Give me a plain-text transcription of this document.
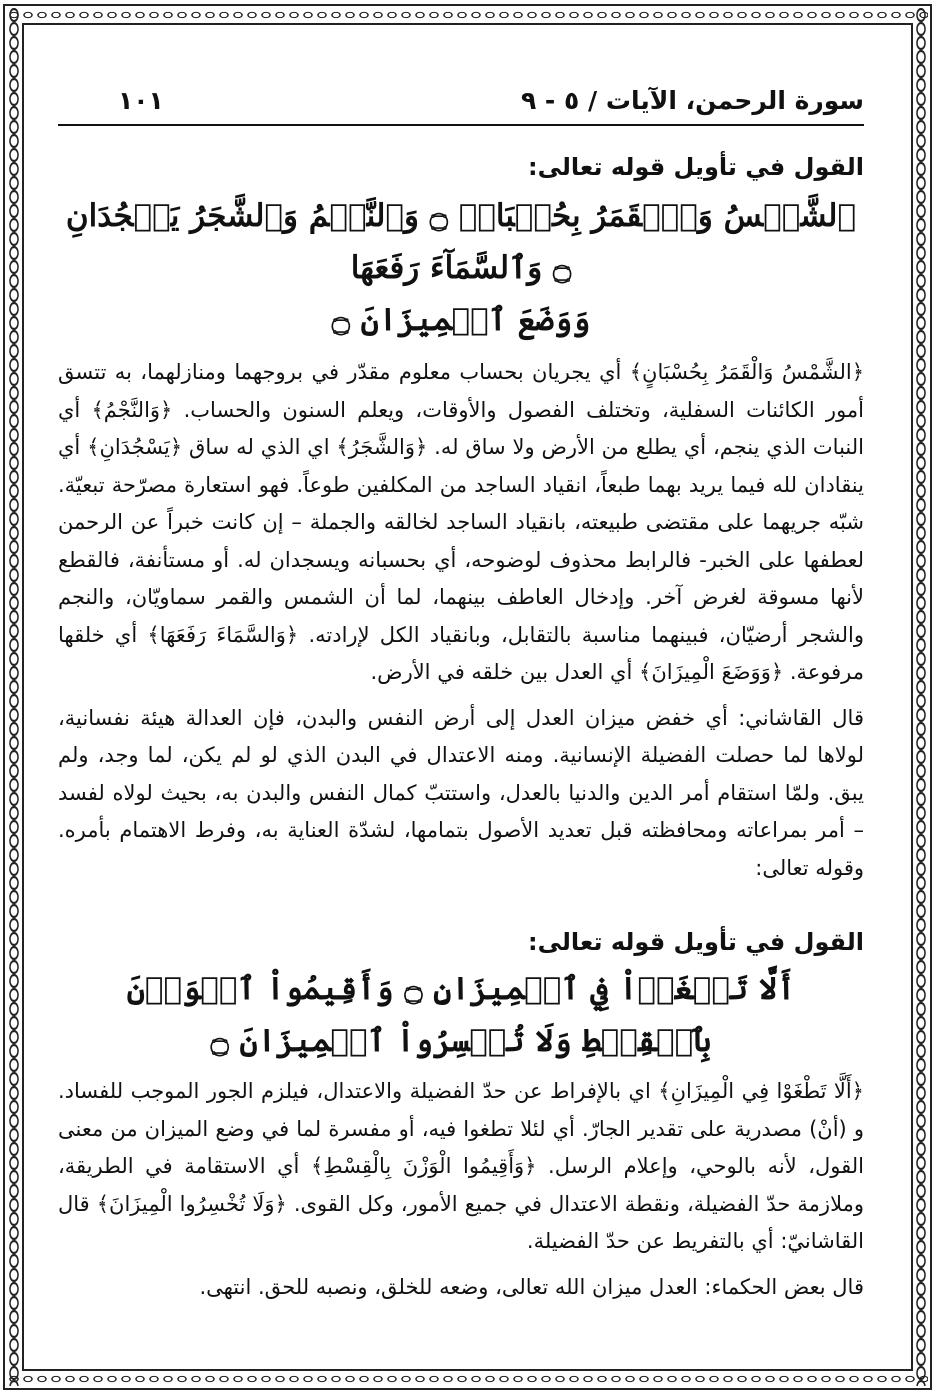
سورة الرحمن، الآيات / ٥ - ٩
١٠١
القول في تأويل قوله تعالى:
ٱلشَّمۡسُ وَٱلۡقَمَرُ بِحُسۡبَانٖ ۝ وَٱلنَّجۡمُ وَٱلشَّجَرُ يَسۡجُدَانِ ۝ وَٱلسَّمَآءَ رَفَعَهَا
وَوَضَعَ ٱلۡمِيزَانَ ۝
﴿الشَّمْسُ وَالْقَمَرُ بِحُسْبَانٍ﴾ أي يجريان بحساب معلوم مقدّر في بروجهما ومنازلهما، به تتسق أمور الكائنات السفلية، وتختلف الفصول والأوقات، ويعلم السنون والحساب. ﴿وَالنَّجْمُ﴾ أي النبات الذي ينجم، أي يطلع من الأرض ولا ساق له. ﴿وَالشَّجَرُ﴾ اي الذي له ساق ﴿يَسْجُدَانِ﴾ أي ينقادان لله فيما يريد بهما طبعاً، انقياد الساجد من المكلفين طوعاً. فهو استعارة مصرّحة تبعيّة. شبّه جريهما على مقتضى طبيعته، بانقياد الساجد لخالقه والجملة – إن كانت خبراً عن الرحمن لعطفها على الخبر- فالرابط محذوف لوضوحه، أي بحسبانه ويسجدان له. أو مستأنفة، فالقطع لأنها مسوقة لغرض آخر. وإدخال العاطف بينهما، لما أن الشمس والقمر سماويّان، والنجم والشجر أرضيّان، فبينهما مناسبة بالتقابل، وبانقياد الكل لإرادته. ﴿وَالسَّمَاءَ رَفَعَهَا﴾ أي خلقها مرفوعة. ﴿وَوَضَعَ الْمِيزَانَ﴾ أي العدل بين خلقه في الأرض.
قال القاشاني: أي خفض ميزان العدل إلى أرض النفس والبدن، فإن العدالة هيئة نفسانية، لولاها لما حصلت الفضيلة الإنسانية. ومنه الاعتدال في البدن الذي لو لم يكن، لما وجد، ولم يبق. ولمّا استقام أمر الدين والدنيا بالعدل، واستتبّ كمال النفس والبدن به، بحيث لولاه لفسد – أمر بمراعاته ومحافظته قبل تعديد الأصول بتمامها، لشدّة العناية به، وفرط الاهتمام بأمره. وقوله تعالى:
القول في تأويل قوله تعالى:
أَلَّا تَطۡغَوۡاْ فِي ٱلۡمِيزَانِ ۝ وَأَقِيمُواْ ٱلۡوَزۡنَ بِٱلۡقِسۡطِ وَلَا تُخۡسِرُواْ ٱلۡمِيزَانَ ۝
﴿أَلَّا تَطْغَوْا فِي الْمِيزَانِ﴾ اي بالإفراط عن حدّ الفضيلة والاعتدال، فيلزم الجور الموجب للفساد. و (أنْ) مصدرية على تقدير الجارّ. أي لئلا تطغوا فيه، أو مفسرة لما في وضع الميزان من معنى القول، لأنه بالوحي، وإعلام الرسل. ﴿وَأَقِيمُوا الْوَزْنَ بِالْقِسْطِ﴾ أي الاستقامة في الطريقة، وملازمة حدّ الفضيلة، ونقطة الاعتدال في جميع الأمور، وكل القوى. ﴿وَلَا تُخْسِرُوا الْمِيزَانَ﴾ قال القاشانيّ: أي بالتفريط عن حدّ الفضيلة.
قال بعض الحكماء: العدل ميزان الله تعالى، وضعه للخلق، ونصبه للحق. انتهى.
